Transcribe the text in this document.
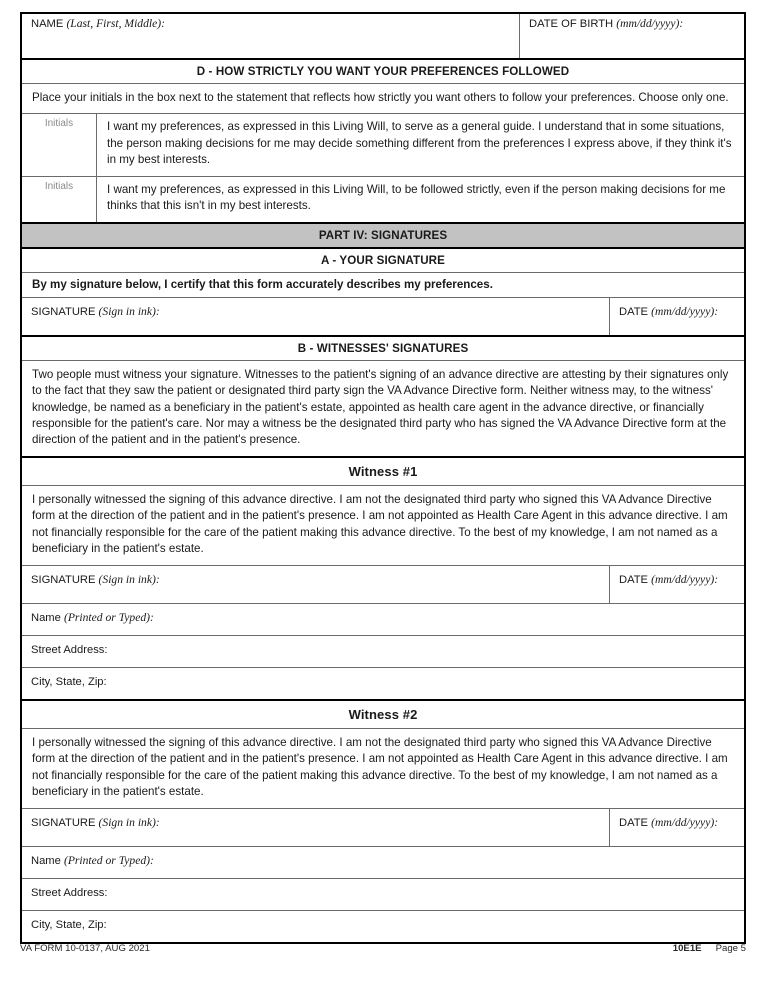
NAME (Last, First, Middle):	DATE OF BIRTH (mm/dd/yyyy):
D - HOW STRICTLY YOU WANT YOUR PREFERENCES FOLLOWED
Place your initials in the box next to the statement that reflects how strictly you want others to follow your preferences. Choose only one.
Initials	I want my preferences, as expressed in this Living Will, to serve as a general guide. I understand that in some situations, the person making decisions for me may decide something different from the preferences I express above, if they think it's in my best interests.
Initials	I want my preferences, as expressed in this Living Will, to be followed strictly, even if the person making decisions for me thinks that this isn't in my best interests.
PART IV: SIGNATURES
A - YOUR SIGNATURE
By my signature below, I certify that this form accurately describes my preferences.
SIGNATURE (Sign in ink):	DATE (mm/dd/yyyy):
B - WITNESSES' SIGNATURES
Two people must witness your signature. Witnesses to the patient's signing of an advance directive are attesting by their signatures only to the fact that they saw the patient or designated third party sign the VA Advance Directive form. Neither witness may, to the witness' knowledge, be named as a beneficiary in the patient's estate, appointed as health care agent in the advance directive, or financially responsible for the patient's care. Nor may a witness be the designated third party who has signed the VA Advance Directive form at the direction of the patient and in the patient's presence.
Witness #1
I personally witnessed the signing of this advance directive. I am not the designated third party who signed this VA Advance Directive form at the direction of the patient and in the patient's presence. I am not appointed as Health Care Agent in this advance directive. I am not financially responsible for the care of the patient making this advance directive. To the best of my knowledge, I am not named as a beneficiary in the patient's estate.
SIGNATURE (Sign in ink):	DATE (mm/dd/yyyy):
Name (Printed or Typed):
Street Address:
City, State, Zip:
Witness #2
I personally witnessed the signing of this advance directive. I am not the designated third party who signed this VA Advance Directive form at the direction of the patient and in the patient's presence. I am not appointed as Health Care Agent in this advance directive. I am not financially responsible for the care of the patient making this advance directive. To the best of my knowledge, I am not named as a beneficiary in the patient's estate.
SIGNATURE (Sign in ink):	DATE (mm/dd/yyyy):
Name (Printed or Typed):
Street Address:
City, State, Zip:
VA FORM 10-0137, AUG 2021	10E1E Page 5
